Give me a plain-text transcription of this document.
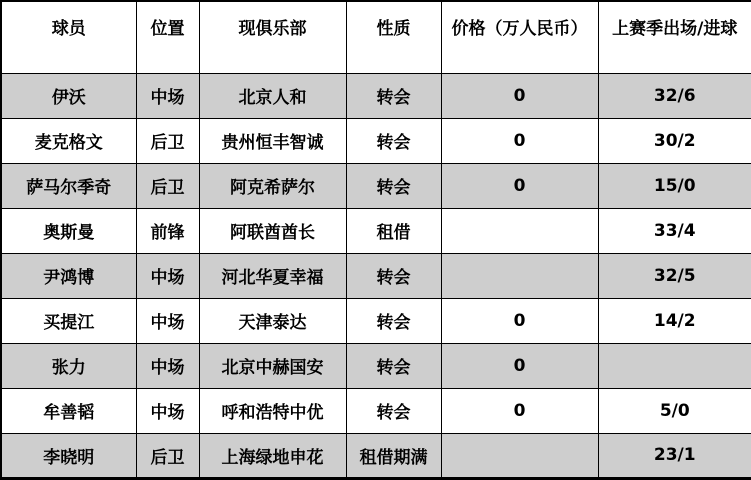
球员	位置	现俱乐部	性质	价格（万人民币）	上赛季出场/进球
伊沃	中场	北京人和	转会	0	32/6
麦克格文	后卫	贵州恒丰智诚	转会	0	30/2
萨马尔季奇	后卫	阿克希萨尔	转会	0	15/0
奥斯曼	前锋	阿联酋酋长	租借		33/4
尹鸿博	中场	河北华夏幸福	转会		32/5
买提江	中场	天津泰达	转会	0	14/2
张力	中场	北京中赫国安	转会	0	
牟善韬	中场	呼和浩特中优	转会	0	5/0
李晓明	后卫	上海绿地申花	租借期满		23/1
